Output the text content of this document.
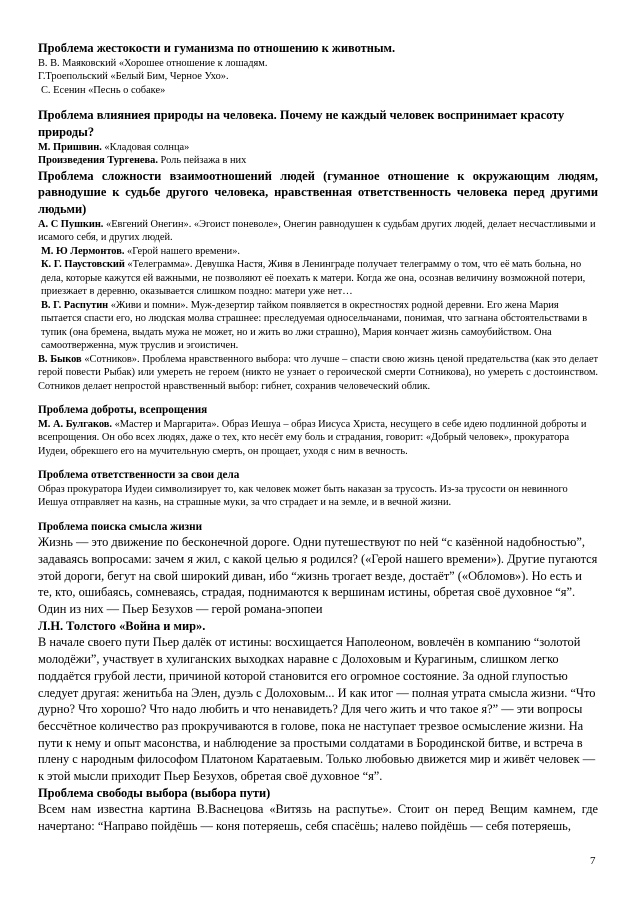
Проблема жестокости и гуманизма по отношению к животным.
В. В. Маяковский «Хорошее отношение к лошадям.
Г.Троепольский «Белый Бим, Черное Ухо».
С. Есенин «Песнь о собаке»
Проблема влияниея природы на человека. Почему не каждый человек воспринимает красоту природы?
М. Пришвин. «Кладовая солнца»
Произведения Тургенева. Роль пейзажа в них
Проблема сложности взаимоотношений людей (гуманное отношение к окружающим людям, равнодушие к судьбе другого человека, нравственная ответственность человека перед другими людьми)
А. С Пушкин. «Евгений Онегин». «Эгоист поневоле», Онегин равнодушен к судьбам других людей, делает несчастливыми и исамого себя, и других людей.
М. Ю Лермонтов. «Герой нашего времени».
К. Г. Паустовский «Телеграмма». Девушка Настя, Живя в Ленинграде получает телеграмму о том, что её мать больна, но дела, которые кажутся ей важными, не позволяют её поехать к матери. Когда же она, осознав величину возможной потери, приезжает в деревню, оказывается слишком поздно: матери уже нет…
В. Г. Распутин «Живи и помни». Муж-дезертир тайком появляется в окрестностях родной деревни. Его жена Мария пытается спасти его, но людская молва страшнее: преследуемая односельчанами, понимая, что загнана обстоятельствами в тупик (она бремена, выдать мужа не может, но и жить во лжи страшно), Мария кончает жизнь самоубийством. Она самоотверженна, муж труслив и эгоистичен.
В. Быков «Сотников». Проблема нравственного выбора: что лучше – спасти свою жизнь ценой предательства (как это делает герой повести Рыбак) или умереть не героем (никто не узнает о героической смерти Сотникова), но умереть с достоинством. Сотников делает непростой нравственный выбор: гибнет, сохранив человеческий облик.
Проблема доброты, всепрощения
М. А. Булгаков. «Мастер и Маргарита». Образ Иешуа – образ Иисуса Христа, несущего в себе идею подлинной доброты и всепрощения. Он обо всех людях, даже о тех, кто несёт ему боль и страдания, говорит: «Добрый человек», прокуратора Иудеи, обрекшего его на мучительную смерть, он прощает, уходя с ним в вечность.
Проблема ответственности за свои дела
Образ прокуратора Иудеи символизирует то, как человек может быть наказан за трусость. Из-за трусости он невинного Иешуа отправляет на казнь, на страшные муки, за что страдает и на земле, и в вечной жизни.
Проблема поиска смысла жизни
Жизнь — это движение по бесконечной дороге. Одни путешествуют по ней “с казённой надобностью”, задаваясь вопросами: зачем я жил, с какой целью я родился? («Герой нашего времени»). Другие пугаются этой дороги, бегут на свой широкий диван, ибо “жизнь трогает везде, достаёт” («Обломов»). Но есть и те, кто, ошибаясь, сомневаясь, страдая, поднимаются к вершинам истины, обретая своё духовное “я”. Один из них — Пьер Безухов — герой романа-эпопеи
Л.Н. Толстого «Война и мир».
В начале своего пути Пьер далёк от истины: восхищается Наполеоном, вовлечён в компанию “золотой молодёжи”, участвует в хулиганских выходках наравне с Долоховым и Курагиным, слишком легко поддаётся грубой лести, причиной которой становится его огромное состояние. За одной глупостью следует другая: женитьба на Элен, дуэль с Долоховым... И как итог — полная утрата смысла жизни. “Что дурно? Что хорошо? Что надо любить и что ненавидеть? Для чего жить и что такое я?” — эти вопросы бессчётное количество раз прокручиваются в голове, пока не наступает трезвое осмысление жизни. На пути к нему и опыт масонства, и наблюдение за простыми солдатами в Бородинской битве, и встреча в плену с народным философом Платоном Каратаевым. Только любовью движется мир и живёт человек — к этой мысли приходит Пьер Безухов, обретая своё духовное “я”.
Проблема свободы выбора (выбора пути)
Всем нам известна картина В.Васнецова «Витязь на распутье». Стоит он перед Вещим камнем, где начертано: “Направо пойдёшь — коня потеряешь, себя спасёшь; налево пойдёшь — себя потеряешь,
7
